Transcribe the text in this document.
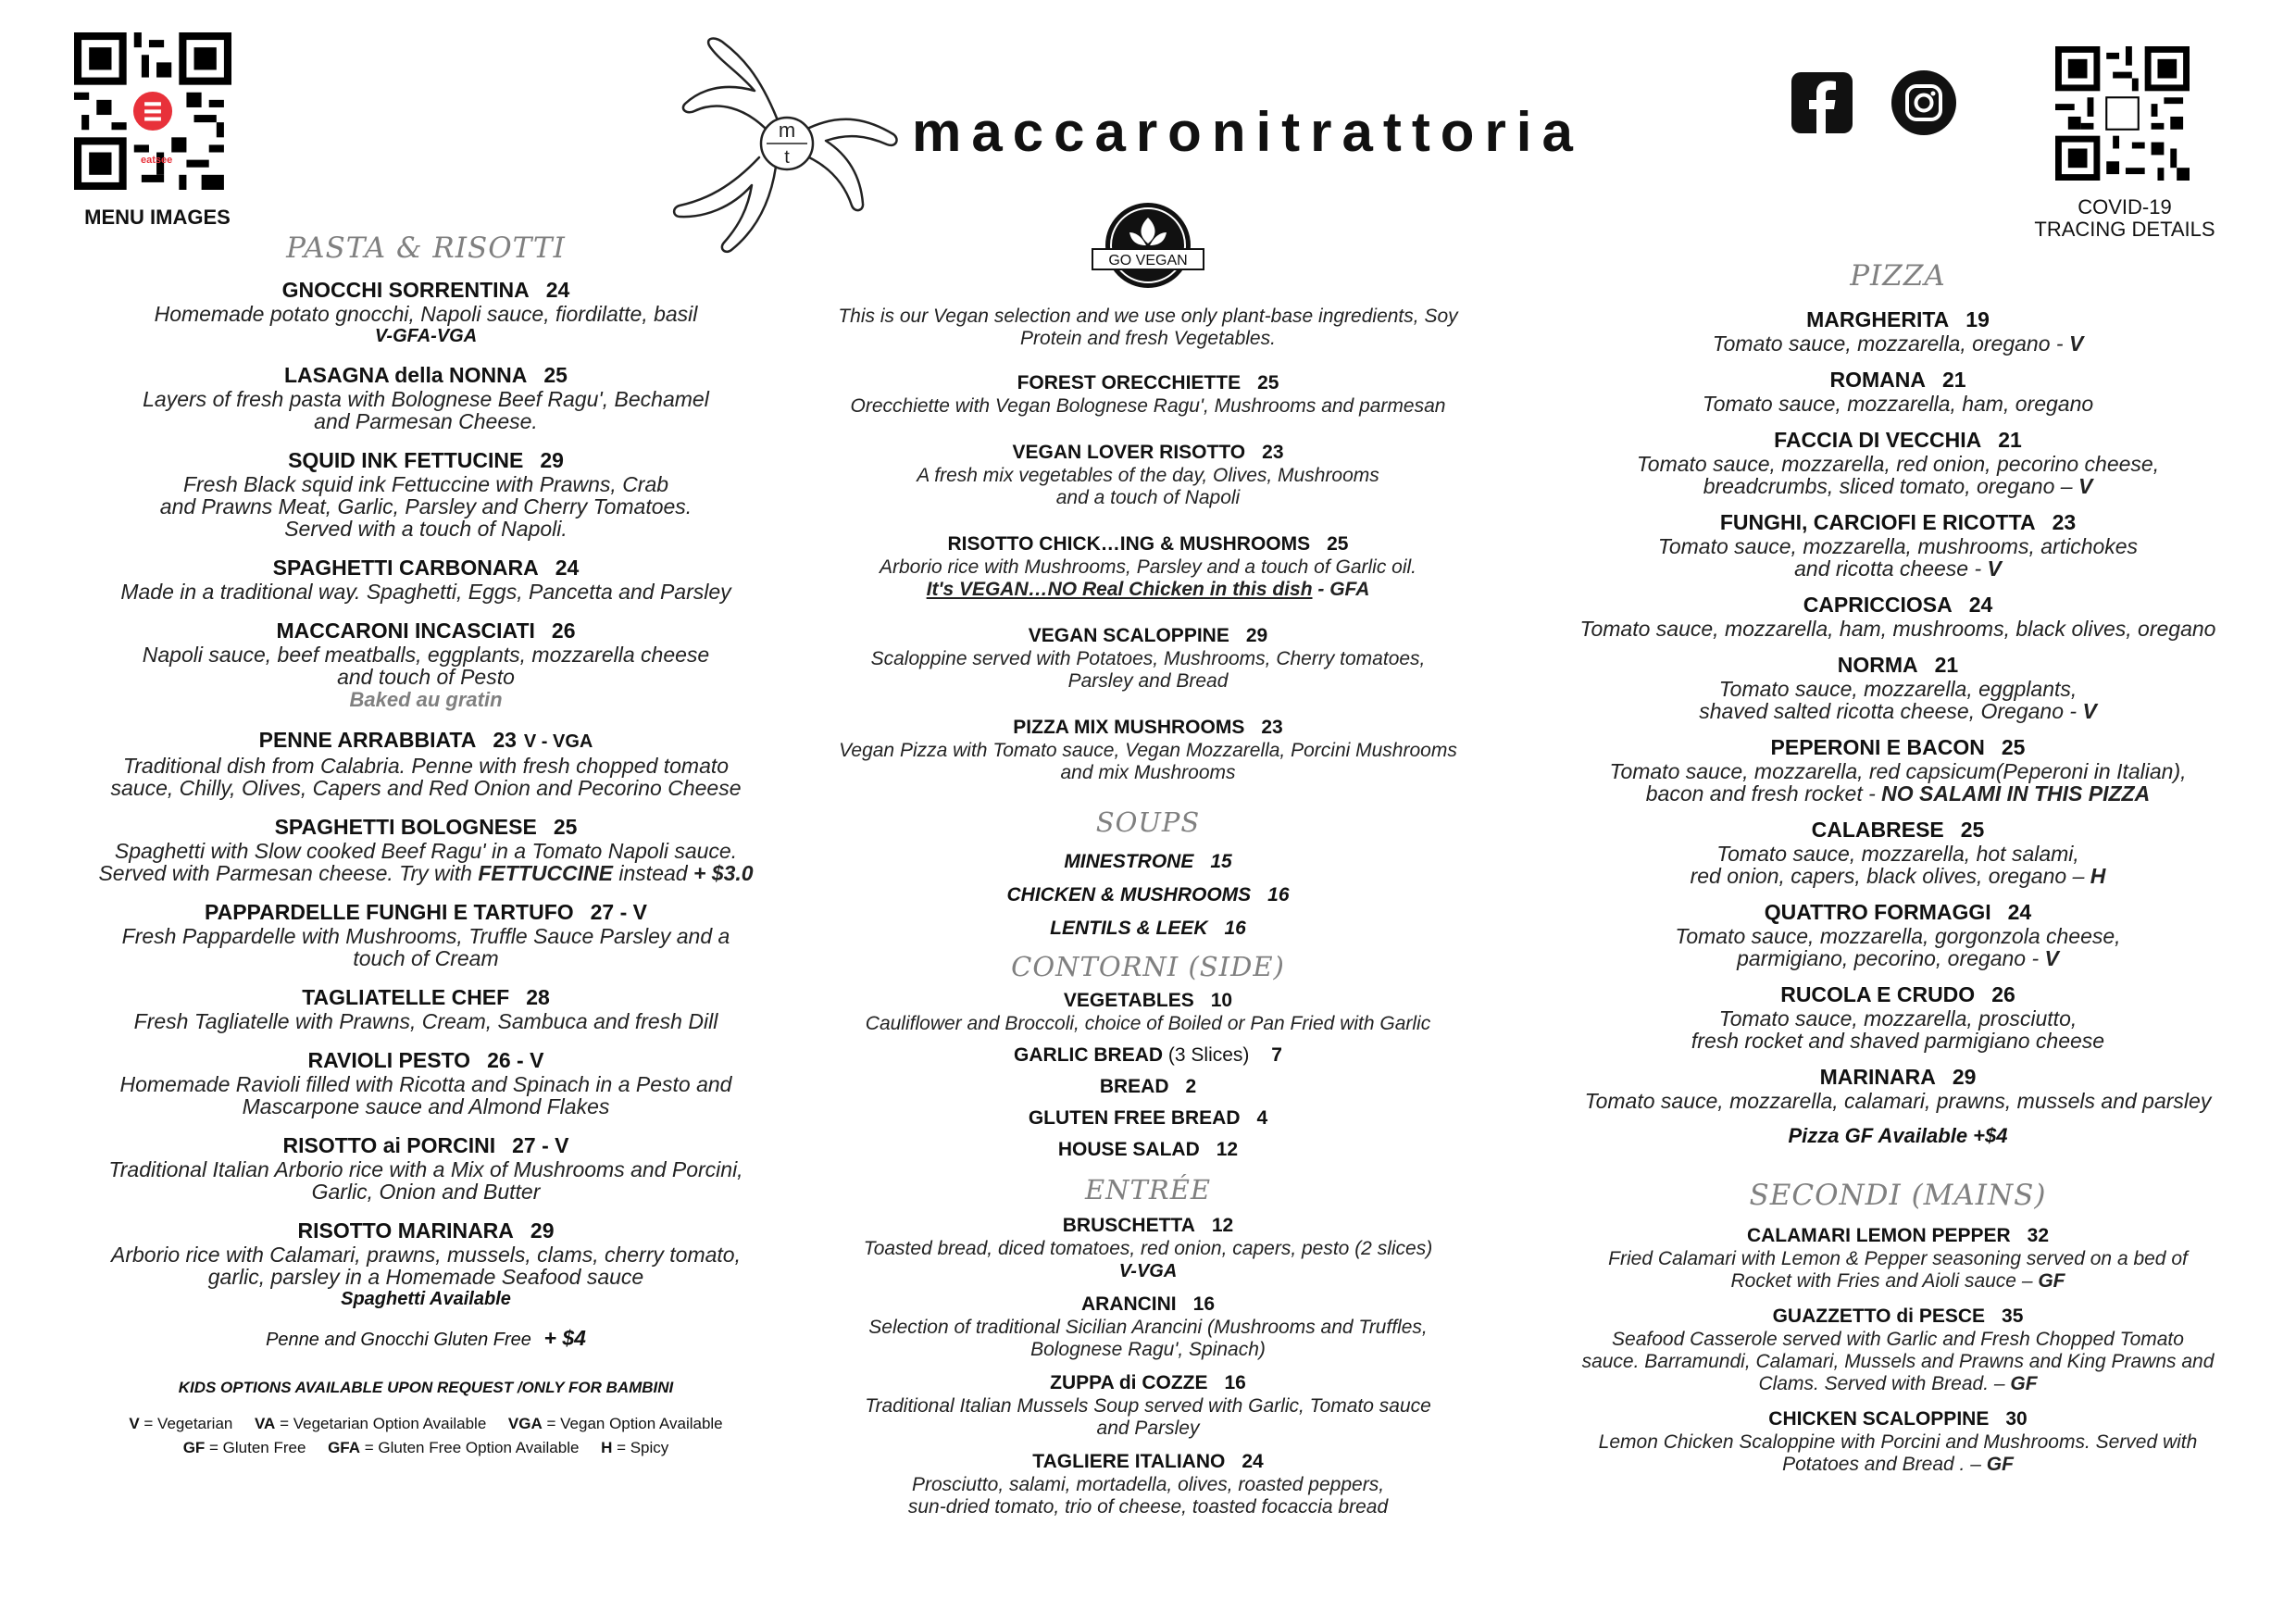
eatsee
MENU IMAGES
m
t maccaronitrattoria
COVID-19
TRACING DETAILS
GO VEGAN
PASTA & RISOTTI
GNOCCHI SORRENTINA 24
Homemade potato gnocchi, Napoli sauce, fiordilatte, basil
V-GFA-VGA
LASAGNA della NONNA 25
Layers of fresh pasta with Bolognese Beef Ragu', Bechamel
and Parmesan Cheese.
SQUID INK FETTUCINE 29
Fresh Black squid ink Fettuccine with Prawns, Crab
and Prawns Meat, Garlic, Parsley and Cherry Tomatoes.
Served with a touch of Napoli.
SPAGHETTI CARBONARA 24
Made in a traditional way. Spaghetti, Eggs, Pancetta and Parsley
MACCARONI INCASCIATI 26
Napoli sauce, beef meatballs, eggplants, mozzarella cheese
and touch of Pesto
Baked au gratin
PENNE ARRABBIATA 23 V - VGA
Traditional dish from Calabria. Penne with fresh chopped tomato
sauce, Chilly, Olives, Capers and Red Onion and Pecorino Cheese
SPAGHETTI BOLOGNESE 25
Spaghetti with Slow cooked Beef Ragu' in a Tomato Napoli sauce.
Served with Parmesan cheese. Try with FETTUCCINE instead + $3.0
PAPPARDELLE FUNGHI E TARTUFO 27 - V
Fresh Pappardelle with Mushrooms, Truffle Sauce Parsley and a
touch of Cream
TAGLIATELLE CHEF 28
Fresh Tagliatelle with Prawns, Cream, Sambuca and fresh Dill
RAVIOLI PESTO 26 - V
Homemade Ravioli filled with Ricotta and Spinach in a Pesto and
Mascarpone sauce and Almond Flakes
RISOTTO ai PORCINI 27 - V
Traditional Italian Arborio rice with a Mix of Mushrooms and Porcini,
Garlic, Onion and Butter
RISOTTO MARINARA 29
Arborio rice with Calamari, prawns, mussels, clams, cherry tomato,
garlic, parsley in a Homemade Seafood sauce
Spaghetti Available
Penne and Gnocchi Gluten Free + $4
KIDS OPTIONS AVAILABLE UPON REQUEST /ONLY FOR BAMBINI
V = Vegetarian VA = Vegetarian Option Available VGA = Vegan Option Available
GF = Gluten Free GFA = Gluten Free Option Available H = Spicy
This is our Vegan selection and we use only plant-base ingredients, Soy
Protein and fresh Vegetables.
FOREST ORECCHIETTE 25
Orecchiette with Vegan Bolognese Ragu', Mushrooms and parmesan
VEGAN LOVER RISOTTO 23
A fresh mix vegetables of the day, Olives, Mushrooms
and a touch of Napoli
RISOTTO CHICK…ING & MUSHROOMS 25
Arborio rice with Mushrooms, Parsley and a touch of Garlic oil.
It's VEGAN…NO Real Chicken in this dish - GFA
VEGAN SCALOPPINE 29
Scaloppine served with Potatoes, Mushrooms, Cherry tomatoes,
Parsley and Bread
PIZZA MIX MUSHROOMS 23
Vegan Pizza with Tomato sauce, Vegan Mozzarella, Porcini Mushrooms
and mix Mushrooms
SOUPS
MINESTRONE 15
CHICKEN & MUSHROOMS 16
LENTILS & LEEK 16
CONTORNI (SIDE)
VEGETABLES 10
Cauliflower and Broccoli, choice of Boiled or Pan Fried with Garlic
GARLIC BREAD (3 Slices) 7
BREAD 2
GLUTEN FREE BREAD 4
HOUSE SALAD 12
ENTRÉE
BRUSCHETTA 12
Toasted bread, diced tomatoes, red onion, capers, pesto (2 slices)
V-VGA
ARANCINI 16
Selection of traditional Sicilian Arancini (Mushrooms and Truffles,
Bolognese Ragu', Spinach)
ZUPPA di COZZE 16
Traditional Italian Mussels Soup served with Garlic, Tomato sauce
and Parsley
TAGLIERE ITALIANO 24
Prosciutto, salami, mortadella, olives, roasted peppers,
sun-dried tomato, trio of cheese, toasted focaccia bread
PIZZA
MARGHERITA 19
Tomato sauce, mozzarella, oregano - V
ROMANA 21
Tomato sauce, mozzarella, ham, oregano
FACCIA DI VECCHIA 21
Tomato sauce, mozzarella, red onion, pecorino cheese,
breadcrumbs, sliced tomato, oregano – V
FUNGHI, CARCIOFI E RICOTTA 23
Tomato sauce, mozzarella, mushrooms, artichokes
and ricotta cheese - V
CAPRICCIOSA 24
Tomato sauce, mozzarella, ham, mushrooms, black olives, oregano
NORMA 21
Tomato sauce, mozzarella, eggplants,
shaved salted ricotta cheese, Oregano - V
PEPERONI E BACON 25
Tomato sauce, mozzarella, red capsicum(Peperoni in Italian),
bacon and fresh rocket - NO SALAMI IN THIS PIZZA
CALABRESE 25
Tomato sauce, mozzarella, hot salami,
red onion, capers, black olives, oregano – H
QUATTRO FORMAGGI 24
Tomato sauce, mozzarella, gorgonzola cheese,
parmigiano, pecorino, oregano - V
RUCOLA E CRUDO 26
Tomato sauce, mozzarella, prosciutto,
fresh rocket and shaved parmigiano cheese
MARINARA 29
Tomato sauce, mozzarella, calamari, prawns, mussels and parsley
Pizza GF Available +$4
SECONDI (MAINS)
CALAMARI LEMON PEPPER 32
Fried Calamari with Lemon & Pepper seasoning served on a bed of
Rocket with Fries and Aioli sauce – GF
GUAZZETTO di PESCE 35
Seafood Casserole served with Garlic and Fresh Chopped Tomato
sauce. Barramundi, Calamari, Mussels and Prawns and King Prawns and
Clams. Served with Bread. – GF
CHICKEN SCALOPPINE 30
Lemon Chicken Scaloppine with Porcini and Mushrooms. Served with
Potatoes and Bread . – GF
